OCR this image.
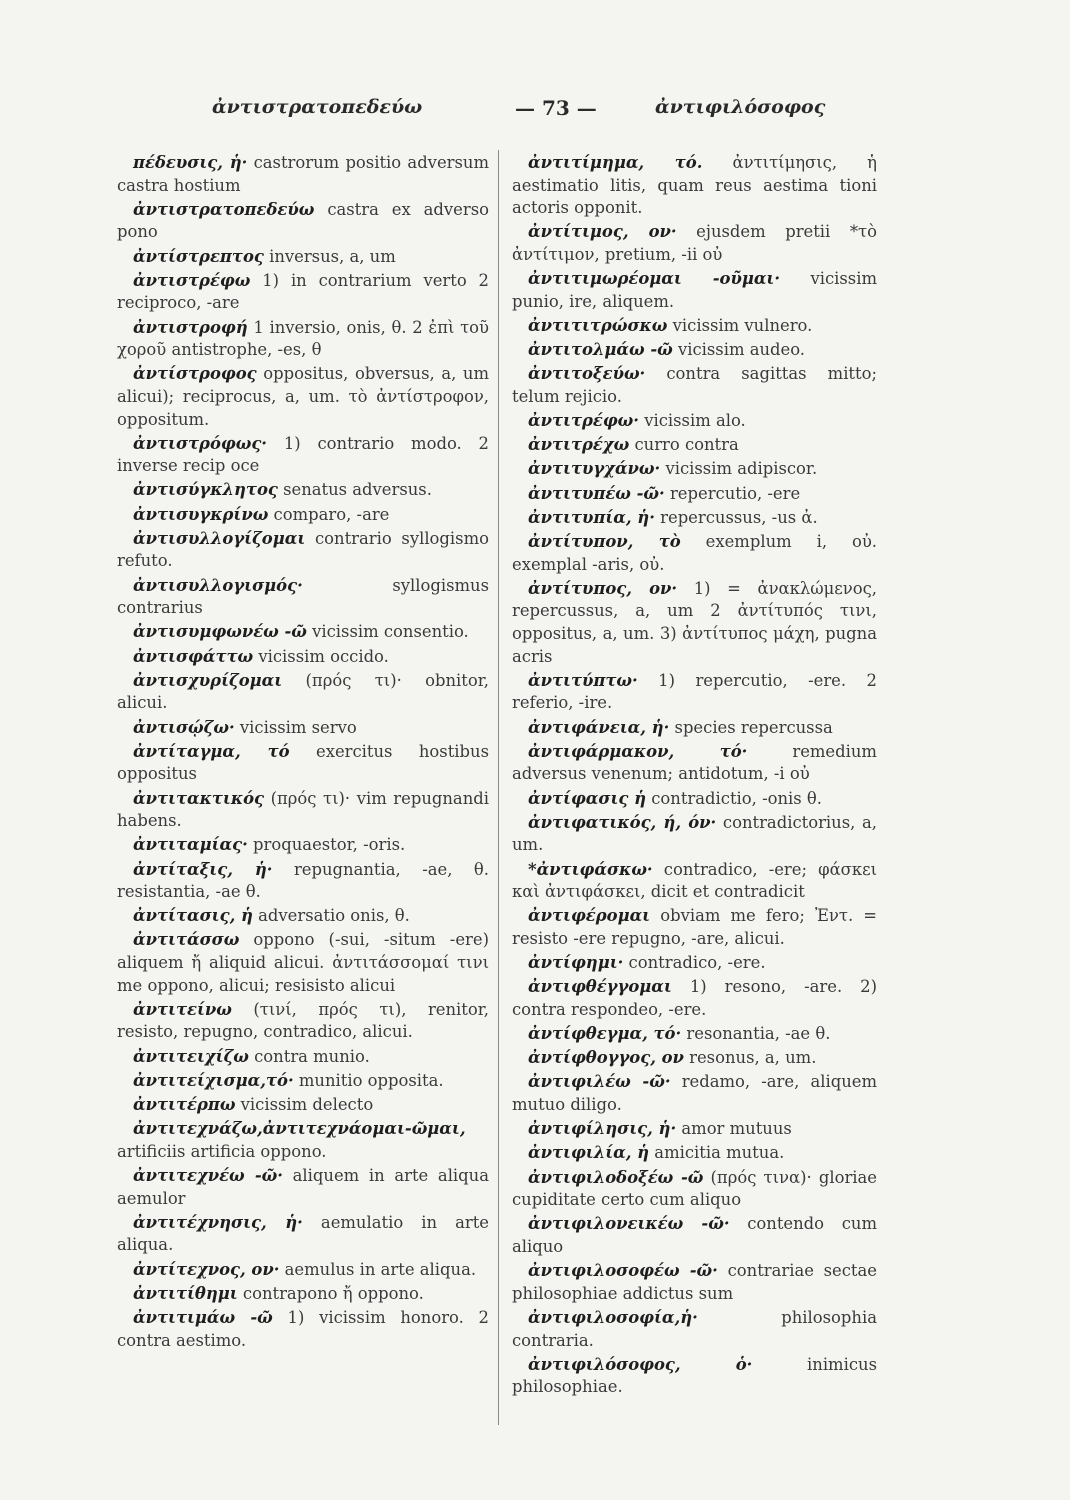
ἀντιστρατοπεδεύω	— 73 —	ἀντιφιλόσοφος

πέδευσις, ἡ· castrorum positio adversum castra hostium

ἀντιστρατοπεδεύω castra ex adverso pono

ἀντίστρεπτος inversus, a, um

ἀντιστρέφω 1) in contrarium verto 2 reciproco, -are

ἀντιστροφή 1 inversio, onis, θ. 2 ἐπὶ τοῦ χοροῦ antistrophe, -es, θ

ἀντίστροφος oppositus, obversus, a, um alicui); reciprocus, a, um. τὸ ἀντίστροφον, oppositum.

ἀντιστρόφως· 1) contrario modo. 2 inverse recip oce

ἀντισύγκλητος senatus adversus.

ἀντισυγκρίνω comparo, -are

ἀντισυλλογίζομαι contrario syllogismo refuto.

ἀντισυλλογισμός·	syllogismus contrarius

ἀντισυμφωνέω -ῶ vicissim consentio.

ἀντισφάττω vicissim occido.

ἀντισχυρίζομαι (πρός τι)· obnitor, alicui.

ἀντισῴζω· vicissim servo

ἀντίταγμα, τό exercitus hostibus oppositus

ἀντιτακτικός (πρός τι)· vim repugnandi habens.

ἀντιταμίας· proquaestor, -oris.

ἀντίταξις, ἡ· repugnantia, -ae, θ. resistantia, -ae θ.

ἀντίτασις, ἡ adversatio onis, θ.

ἀντιτάσσω oppono (-sui, -situm -ere) aliquem ἤ aliquid alicui. ἀντιτάσσομαί τινι me oppono, alicui; resisisto alicui

ἀντιτείνω (τινί, πρός τι), renitor, resisto, repugno, contradico, alicui.

ἀντιτειχίζω contra munio.

ἀντιτείχισμα,τό· munitio opposita.

ἀντιτέρπω vicissim delecto

ἀντιτεχνάζω,ἀντιτεχνάομαι-ῶμαι, artificiis artificia oppono.

ἀντιτεχνέω -ῶ· aliquem in arte aliqua aemulor

ἀντιτέχνησις, ἡ· aemulatio in arte aliqua.

ἀντίτεχνος, ον· aemulus in arte aliqua.

ἀντιτίθημι contrapono ἤ oppono.

ἀντιτιμάω -ῶ 1) vicissim honoro. 2 contra aestimo.

ἀντιτίμημα, τό. ἀντιτίμησις, ἡ aestimatio litis, quam reus aestima tioni actoris opponit.

ἀντίτιμος, ον· ejusdem pretii *τὸ ἀντίτιμον, pretium, -ii οὐ

ἀντιτιμωρέομαι -οῦμαι· vicissim punio, ire, aliquem.

ἀντιτιτρώσκω vicissim vulnero.

ἀντιτολμάω -ῶ vicissim audeo.

ἀντιτοξεύω· contra sagittas mitto; telum rejicio.

ἀντιτρέφω· vicissim alo.

ἀντιτρέχω curro contra

ἀντιτυγχάνω· vicissim adipiscor.

ἀντιτυπέω -ῶ· repercutio, -ere

ἀντιτυπία, ἡ· repercussus, -us ἀ.

ἀντίτυπον, τὸ exemplum i, οὐ. exemplal -aris, οὐ.

ἀντίτυπος, ον· 1) = ἀνακλώμενος, repercussus, a, um 2 ἀντίτυπός τινι, oppositus, a, um. 3) ἀντίτυπος μάχη, pugna acris

ἀντιτύπτω· 1) repercutio, -ere. 2 referio, -ire.

ἀντιφάνεια, ἡ· species repercussa

ἀντιφάρμακον, τό·	remedium adversus venenum; antidotum, -i οὐ

ἀντίφασις ἡ contradictio, -onis θ.

ἀντιφατικός, ή, όν· contradictorius, a, um.

*ἀντιφάσκω· contradico, -ere; φάσκει καὶ ἀντιφάσκει, dicit et contradicit

ἀντιφέρομαι obviam me fero; Ἐντ. = resisto -ere repugno, -are, alicui.

ἀντίφημι· contradico, -ere.

ἀντιφθέγγομαι 1) resono, -are. 2) contra respondeo, -ere.

ἀντίφθεγμα, τό· resonantia, -ae θ.

ἀντίφθογγος, ον resonus, a, um.

ἀντιφιλέω -ῶ· redamo, -are, aliquem mutuo diligo.

ἀντιφίλησις, ἡ· amor mutuus

ἀντιφιλία, ἡ amicitia mutua.

ἀντιφιλοδοξέω -ῶ (πρός τινα)· gloriae cupiditate certo cum aliquo

ἀντιφιλονεικέω -ῶ· contendo cum aliquo

ἀντιφιλοσοφέω -ῶ· contrariae sectae philosophiae addictus sum

ἀντιφιλοσοφία,ἡ·	philosophia contraria.

ἀντιφιλόσοφος, ὁ·	inimicus philosophiae.
